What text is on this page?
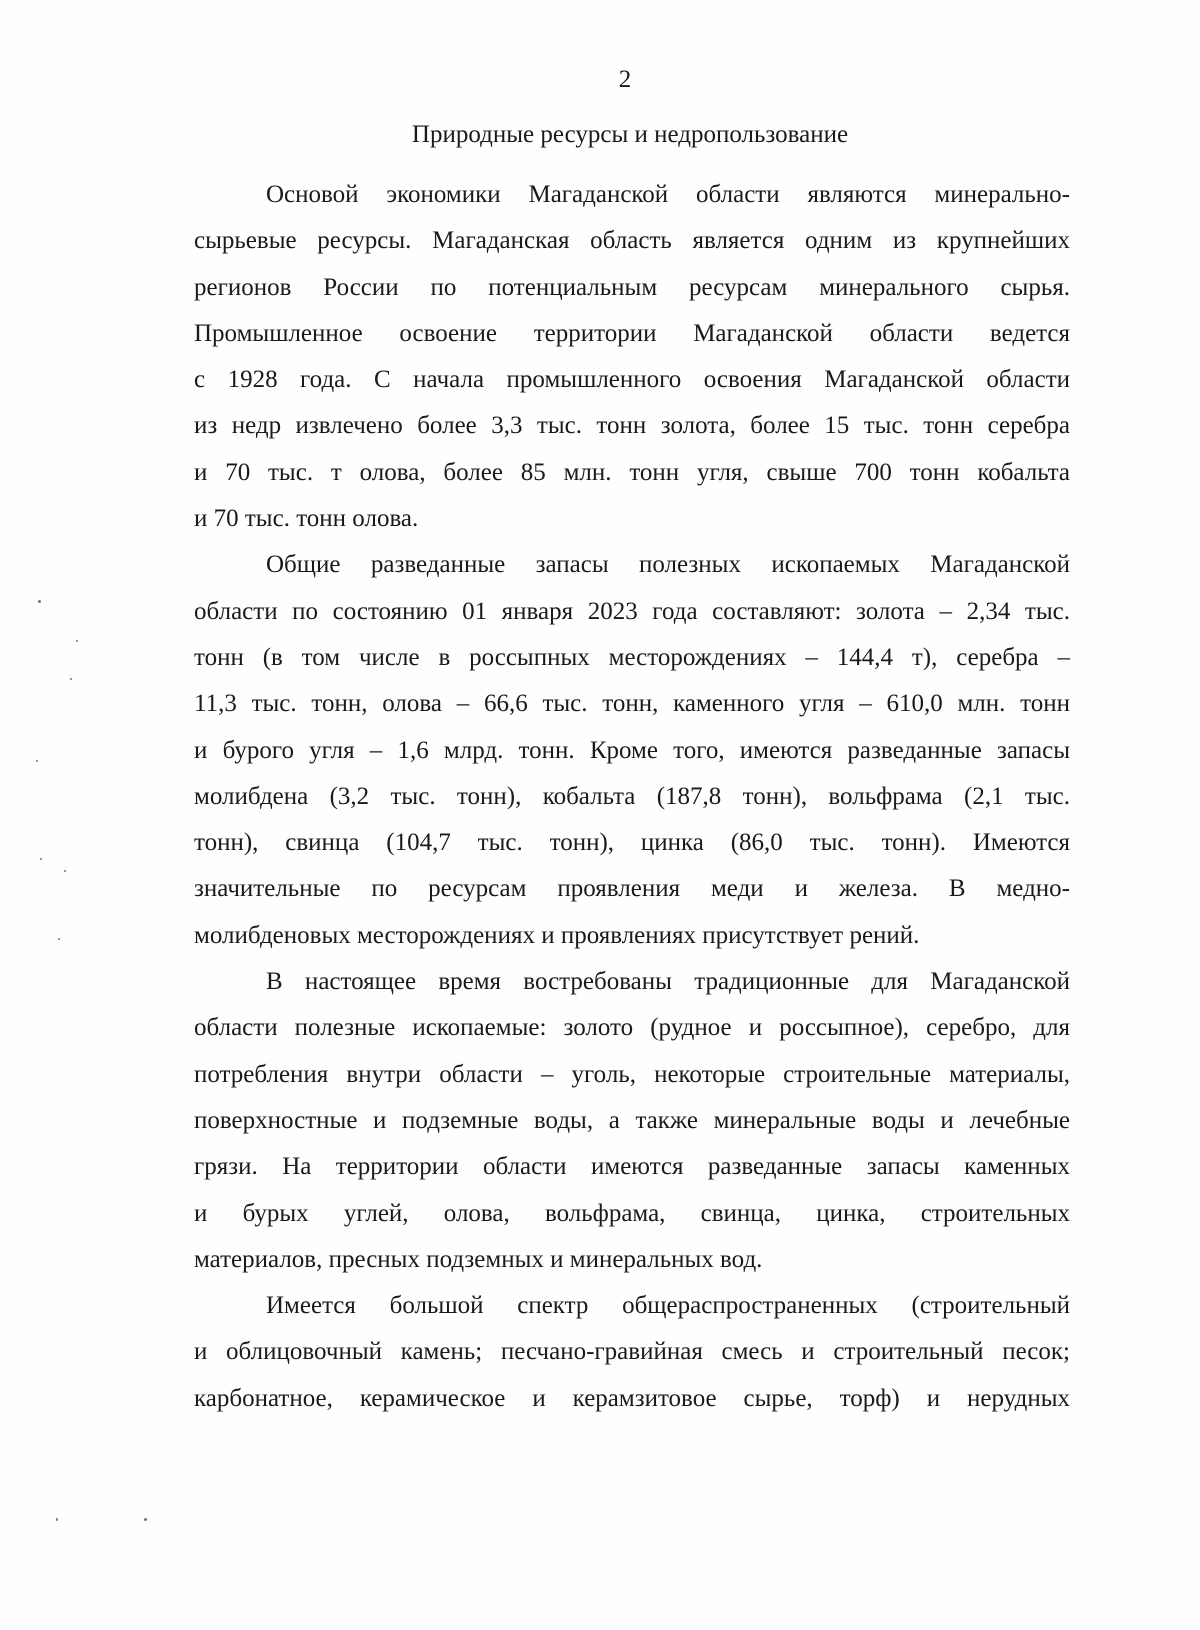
2
Природные ресурсы и недропользование
Основой экономики Магаданской области являются минерально-
сырьевые ресурсы. Магаданская область является одним из крупнейших
регионов России по потенциальным ресурсам минерального сырья.
Промышленное освоение территории Магаданской области ведется
с 1928 года. С начала промышленного освоения Магаданской области
из недр извлечено более 3,3 тыс. тонн золота, более 15 тыс. тонн серебра
и 70 тыс. т олова, более 85 млн. тонн угля, свыше 700 тонн кобальта
и 70 тыс. тонн олова.
Общие разведанные запасы полезных ископаемых Магаданской
области по состоянию 01 января 2023 года составляют: золота – 2,34 тыс.
тонн (в том числе в россыпных месторождениях – 144,4 т), серебра –
11,3 тыс. тонн, олова – 66,6 тыс. тонн, каменного угля – 610,0 млн. тонн
и бурого угля – 1,6 млрд. тонн. Кроме того, имеются разведанные запасы
молибдена (3,2 тыс. тонн), кобальта (187,8 тонн), вольфрама (2,1 тыс.
тонн), свинца (104,7 тыс. тонн), цинка (86,0 тыс. тонн). Имеются
значительные по ресурсам проявления меди и железа. В медно-
молибденовых месторождениях и проявлениях присутствует рений.
В настоящее время востребованы традиционные для Магаданской
области полезные ископаемые: золото (рудное и россыпное), серебро, для
потребления внутри области – уголь, некоторые строительные материалы,
поверхностные и подземные воды, а также минеральные воды и лечебные
грязи. На территории области имеются разведанные запасы каменных
и бурых углей, олова, вольфрама, свинца, цинка, строительных
материалов, пресных подземных и минеральных вод.
Имеется большой спектр общераспространенных (строительный
и облицовочный камень; песчано-гравийная смесь и строительный песок;
карбонатное, керамическое и керамзитовое сырье, торф) и нерудных
